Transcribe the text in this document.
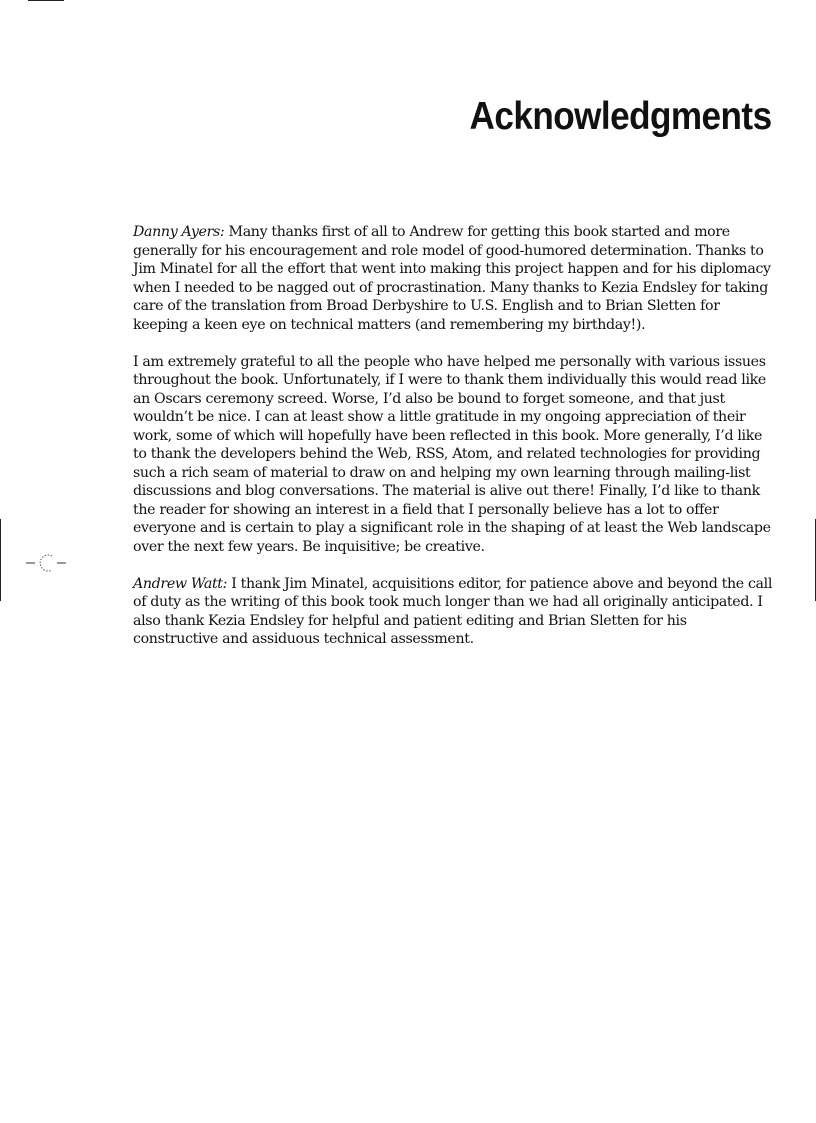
Acknowledgments

Danny Ayers: Many thanks first of all to Andrew for getting this book started and more generally for his encouragement and role model of good-humored determination. Thanks to Jim Minatel for all the effort that went into making this project happen and for his diplomacy when I needed to be nagged out of procrastination. Many thanks to Kezia Endsley for taking care of the translation from Broad Derbyshire to U.S. English and to Brian Sletten for keeping a keen eye on technical matters (and remembering my birthday!).

I am extremely grateful to all the people who have helped me personally with various issues throughout the book. Unfortunately, if I were to thank them individually this would read like an Oscars ceremony screed. Worse, I’d also be bound to forget someone, and that just wouldn’t be nice. I can at least show a little gratitude in my ongoing appreciation of their work, some of which will hopefully have been reflected in this book. More generally, I’d like to thank the developers behind the Web, RSS, Atom, and related technologies for providing such a rich seam of material to draw on and helping my own learning through mailing-list discussions and blog conversations. The material is alive out there! Finally, I’d like to thank the reader for showing an interest in a field that I personally believe has a lot to offer everyone and is certain to play a significant role in the shaping of at least the Web landscape over the next few years. Be inquisitive; be creative.

Andrew Watt: I thank Jim Minatel, acquisitions editor, for patience above and beyond the call of duty as the writing of this book took much longer than we had all originally anticipated. I also thank Kezia Endsley for helpful and patient editing and Brian Sletten for his constructive and assiduous technical assessment.
